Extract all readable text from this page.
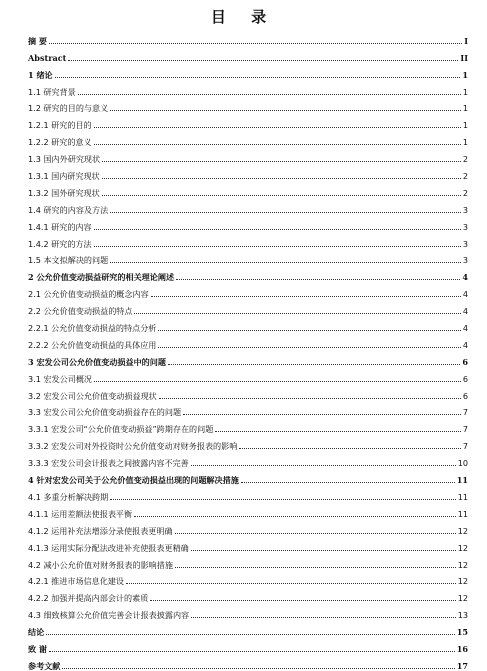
目 录
摘 要	I
Abstract	II
1 绪论	1
1.1 研究背景	1
1.2 研究的目的与意义	1
1.2.1 研究的目的	1
1.2.2 研究的意义	1
1.3 国内外研究现状	2
1.3.1 国内研究现状	2
1.3.2 国外研究现状	2
1.4 研究的内容及方法	3
1.4.1 研究的内容	3
1.4.2 研究的方法	3
1.5 本文拟解决的问题	3
2 公允价值变动损益研究的相关理论阐述	4
2.1 公允价值变动损益的概念内容	4
2.2 公允价值变动损益的特点	4
2.2.1 公允价值变动损益的特点分析	4
2.2.2 公允价值变动损益的具体应用	4
3 宏发公司公允价值变动损益中的问题	6
3.1 宏发公司概况	6
3.2 宏发公司公允价值变动损益现状	6
3.3 宏发公司公允价值变动损益存在的问题	7
3.3.1 宏发公司“公允价值变动损益”跨期存在的问题	7
3.3.2 宏发公司对外投资时公允价值变动对财务报表的影响	7
3.3.3 宏发公司会计报表之间披露内容不完善	10
4 针对宏发公司关于公允价值变动损益出现的问题解决措施	11
4.1 多重分析解决跨期	11
4.1.1 运用差额法使报表平衡	11
4.1.2 运用补充法增添分录使报表更明确	12
4.1.3 运用实际分配法改进补充使报表更精确	12
4.2 减小公允价值对财务报表的影响措施	12
4.2.1 推进市场信息化建设	12
4.2.2 加强并提高内部会计的素质	12
4.3 细致核算公允价值完善会计报表披露内容	13
结论	15
致 谢	16
参考文献	17
